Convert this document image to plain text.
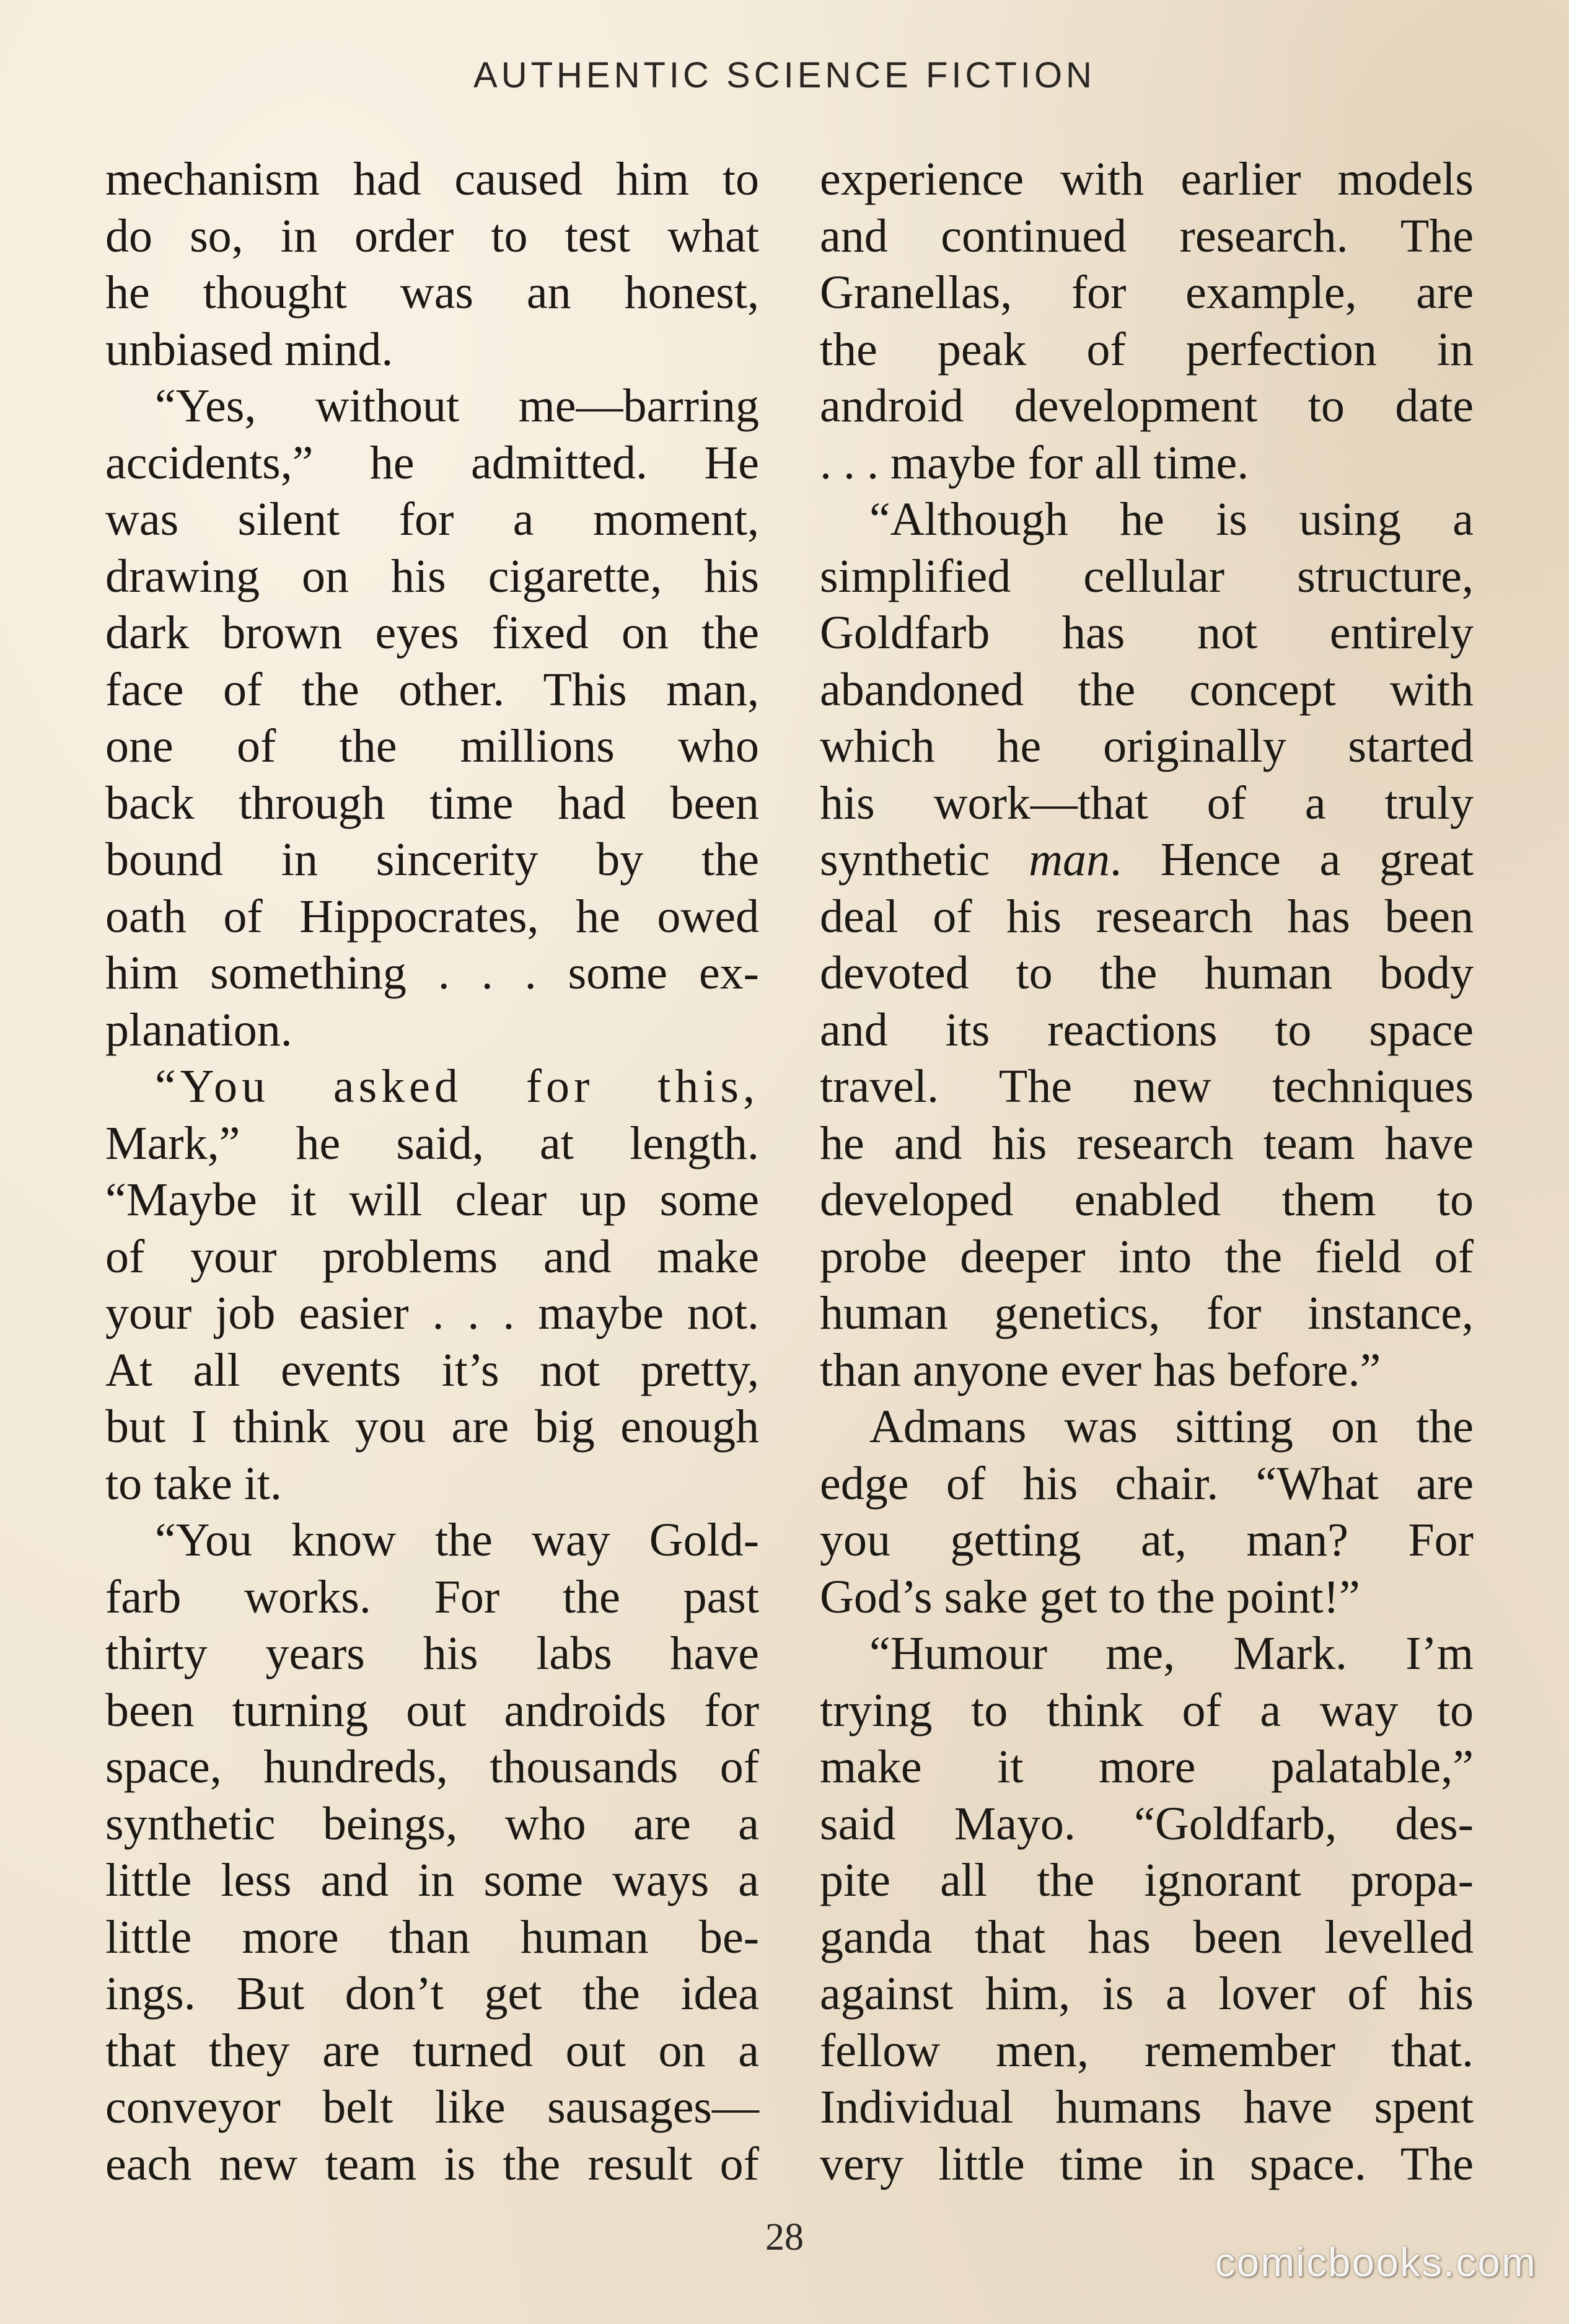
AUTHENTIC SCIENCE FICTION
mechanism had caused him to
do so, in order to test what
he thought was an honest,
unbiased mind.
“Yes, without me—barring
accidents,” he admitted. He
was silent for a moment,
drawing on his cigarette, his
dark brown eyes fixed on the
face of the other. This man,
one of the millions who
back through time had been
bound in sincerity by the
oath of Hippocrates, he owed
him something . . . some ex-
planation.
“You asked for this,
Mark,” he said, at length.
“Maybe it will clear up some
of your problems and make
your job easier . . . maybe not.
At all events it’s not pretty,
but I think you are big enough
to take it.
“You know the way Gold-
farb works. For the past
thirty years his labs have
been turning out androids for
space, hundreds, thousands of
synthetic beings, who are a
little less and in some ways a
little more than human be-
ings. But don’t get the idea
that they are turned out on a
conveyor belt like sausages—
each new team is the result of
experience with earlier models
and continued research. The
Granellas, for example, are
the peak of perfection in
android development to date
. . . maybe for all time.
“Although he is using a
simplified cellular structure,
Goldfarb has not entirely
abandoned the concept with
which he originally started
his work—that of a truly
synthetic man. Hence a great
deal of his research has been
devoted to the human body
and its reactions to space
travel. The new techniques
he and his research team have
developed enabled them to
probe deeper into the field of
human genetics, for instance,
than anyone ever has before.”
Admans was sitting on the
edge of his chair. “What are
you getting at, man? For
God’s sake get to the point!”
“Humour me, Mark. I’m
trying to think of a way to
make it more palatable,”
said Mayo. “Goldfarb, des-
pite all the ignorant propa-
ganda that has been levelled
against him, is a lover of his
fellow men, remember that.
Individual humans have spent
very little time in space. The
28
comicbooks.com
